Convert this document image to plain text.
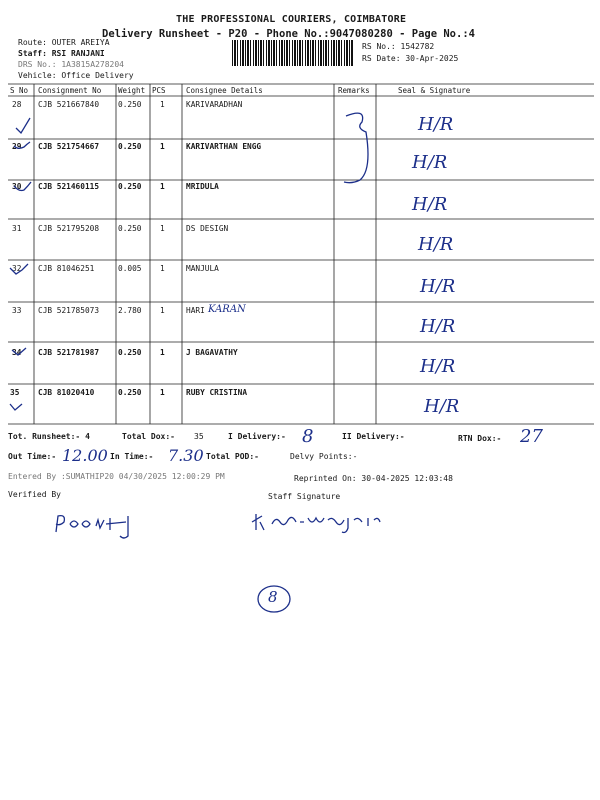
THE PROFESSIONAL COURIERS, COIMBATORE
Delivery Runsheet - P20 - Phone No.:9047080280 - Page No.:4
Route: OUTER AREIYA
Staff: RSI RANJANI
DRS No.: 1A3815A278204
Vehicle: Office Delivery
RS No.: 1542782
RS Date: 30-Apr-2025
S No Consignment No Weight PCS	Consignee Details	Remarks	Seal & Signature
28 CJB 521667840 0.250 1	KARIVARADHAN
H/R
29 CJB 521754667 0.250 1	KARIVARTHAN ENGG
H/R
30 CJB 521460115 0.250 1	MRIDULA
H/R
31 CJB 521795208 0.250 1	DS DESIGN
H/R
32 CJB 81046251	0.005 1	MANJULA
H/R
33 CJB 521785073 2.780 1	HARI KARAN
H/R
34 CJB 521781987 0.250 1	J BAGAVATHY
H/R
35 CJB 81020410	0.250 1	RUBY CRISTINA
H/R
Tot. Runsheet:- 4	Total Dox:- 35	I Delivery:- 8	II Delivery:-	RTN Dox:- 27
Out Time:- 12.00 In Time:- 7.30 Total POD:-	Delvy Points:-
Entered By :SUMATHIP20 04/30/2025 12:00:29 PM	Reprinted On: 30-04-2025 12:03:48
Verified By	Staff Signature
8
